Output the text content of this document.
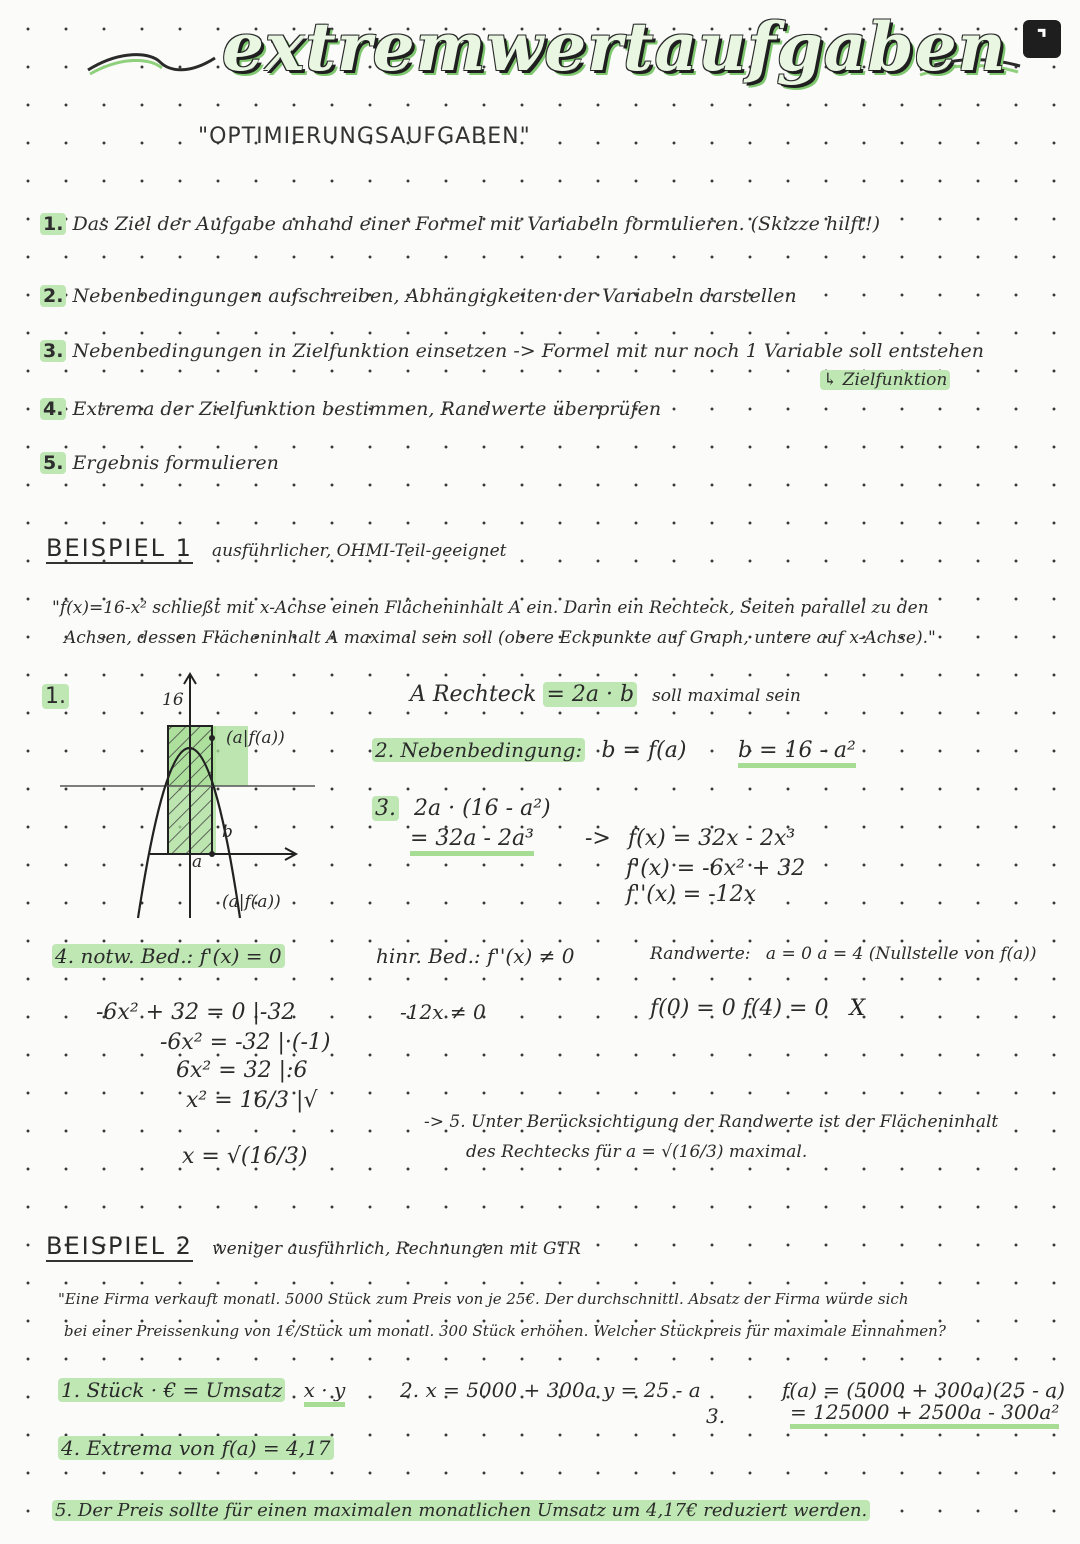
⌝
extremwertaufgaben
"OPTIMIERUNGSAUFGABEN"
1. Das Ziel der Aufgabe anhand einer Formel mit Variabeln formulieren. (Skizze hilft!)
2. Nebenbedingungen aufschreiben, Abhängigkeiten der Variabeln darstellen
3. Nebenbedingungen in Zielfunktion einsetzen -> Formel mit nur noch 1 Variable soll entstehen
↳ Zielfunktion
4. Extrema der Zielfunktion bestimmen, Randwerte überprüfen
5. Ergebnis formulieren
BEISPIEL 1 ausführlicher, OHMI-Teil-geeignet
"f(x)=16-x² schließt mit x-Achse einen Flächeninhalt A ein. Darin ein Rechteck, Seiten parallel zu den
Achsen, dessen Flächeninhalt A maximal sein soll (obere Eckpunkte auf Graph, untere auf x-Achse)."
1.	16
(a|f(a))
(a|f(a))
b
a
A Rechteck = 2a · b soll maximal sein
2. Nebenbedingung: b = f(a) b = 16 - a²
3. 2a · (16 - a²)
= 32a - 2a³ -> f(x) = 32x - 2x³
f'(x) = -6x² + 32
f''(x) = -12x
4. notw. Bed.: f'(x) = 0	hinr. Bed.: f''(x) ≠ 0
-12x ≠ 0
Randwerte: a = 0 a = 4 (Nullstelle von f(a))
f(0) = 0 f(4) = 0 X
-6x² + 32 = 0 |-32
-6x² = -32 |·(-1)
6x² = 32 |:6
x² = 16/3 |√
x = √(16/3)
-> 5. Unter Berücksichtigung der Randwerte ist der Flächeninhalt
des Rechtecks für a = √(16/3) maximal.
BEISPIEL 2 weniger ausführlich, Rechnungen mit GTR
"Eine Firma verkauft monatl. 5000 Stück zum Preis von je 25€. Der durchschnittl. Absatz der Firma würde sich
bei einer Preissenkung von 1€/Stück um monatl. 300 Stück erhöhen. Welcher Stückpreis für maximale Einnahmen?
1. Stück · € = Umsatz x · y	2. x = 5000 + 300a y = 25 - a	f(a) = (5000 + 300a)(25 - a)
3.	= 125000 + 2500a - 300a²
4. Extrema von f(a) = 4,17
5. Der Preis sollte für einen maximalen monatlichen Umsatz um 4,17€ reduziert werden.
